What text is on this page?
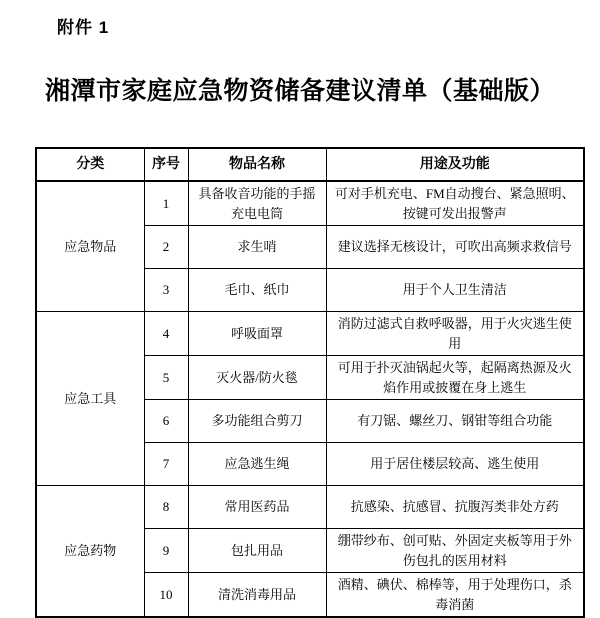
附件 1
湘潭市家庭应急物资储备建议清单（基础版）
分类	序号	物品名称	用途及功能
应急物品	1	具备收音功能的手摇充电电筒	可对手机充电、FM自动搜台、紧急照明、按键可发出报警声
	2	求生哨	建议选择无核设计，可吹出高频求救信号
	3	毛巾、纸巾	用于个人卫生清洁
应急工具	4	呼吸面罩	消防过滤式自救呼吸器，用于火灾逃生使用
	5	灭火器/防火毯	可用于扑灭油锅起火等，起隔离热源及火焰作用或披覆在身上逃生
	6	多功能组合剪刀	有刀锯、螺丝刀、钢钳等组合功能
	7	应急逃生绳	用于居住楼层较高、逃生使用
应急药物	8	常用医药品	抗感染、抗感冒、抗腹泻类非处方药
	9	包扎用品	绷带纱布、创可贴、外固定夹板等用于外伤包扎的医用材料
	10	清洗消毒用品	酒精、碘伏、棉棒等，用于处理伤口，杀毒消菌
